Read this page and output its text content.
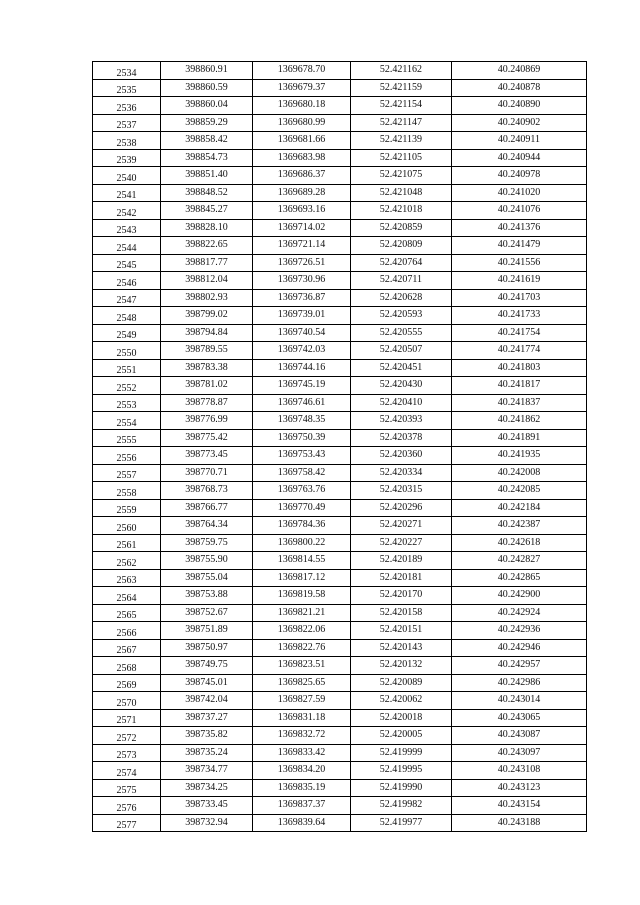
2534	398860.91	1369678.70	52.421162	40.240869
2535	398860.59	1369679.37	52.421159	40.240878
2536	398860.04	1369680.18	52.421154	40.240890
2537	398859.29	1369680.99	52.421147	40.240902
2538	398858.42	1369681.66	52.421139	40.240911
2539	398854.73	1369683.98	52.421105	40.240944
2540	398851.40	1369686.37	52.421075	40.240978
2541	398848.52	1369689.28	52.421048	40.241020
2542	398845.27	1369693.16	52.421018	40.241076
2543	398828.10	1369714.02	52.420859	40.241376
2544	398822.65	1369721.14	52.420809	40.241479
2545	398817.77	1369726.51	52.420764	40.241556
2546	398812.04	1369730.96	52.420711	40.241619
2547	398802.93	1369736.87	52.420628	40.241703
2548	398799.02	1369739.01	52.420593	40.241733
2549	398794.84	1369740.54	52.420555	40.241754
2550	398789.55	1369742.03	52.420507	40.241774
2551	398783.38	1369744.16	52.420451	40.241803
2552	398781.02	1369745.19	52.420430	40.241817
2553	398778.87	1369746.61	52.420410	40.241837
2554	398776.99	1369748.35	52.420393	40.241862
2555	398775.42	1369750.39	52.420378	40.241891
2556	398773.45	1369753.43	52.420360	40.241935
2557	398770.71	1369758.42	52.420334	40.242008
2558	398768.73	1369763.76	52.420315	40.242085
2559	398766.77	1369770.49	52.420296	40.242184
2560	398764.34	1369784.36	52.420271	40.242387
2561	398759.75	1369800.22	52.420227	40.242618
2562	398755.90	1369814.55	52.420189	40.242827
2563	398755.04	1369817.12	52.420181	40.242865
2564	398753.88	1369819.58	52.420170	40.242900
2565	398752.67	1369821.21	52.420158	40.242924
2566	398751.89	1369822.06	52.420151	40.242936
2567	398750.97	1369822.76	52.420143	40.242946
2568	398749.75	1369823.51	52.420132	40.242957
2569	398745.01	1369825.65	52.420089	40.242986
2570	398742.04	1369827.59	52.420062	40.243014
2571	398737.27	1369831.18	52.420018	40.243065
2572	398735.82	1369832.72	52.420005	40.243087
2573	398735.24	1369833.42	52.419999	40.243097
2574	398734.77	1369834.20	52.419995	40.243108
2575	398734.25	1369835.19	52.419990	40.243123
2576	398733.45	1369837.37	52.419982	40.243154
2577	398732.94	1369839.64	52.419977	40.243188
